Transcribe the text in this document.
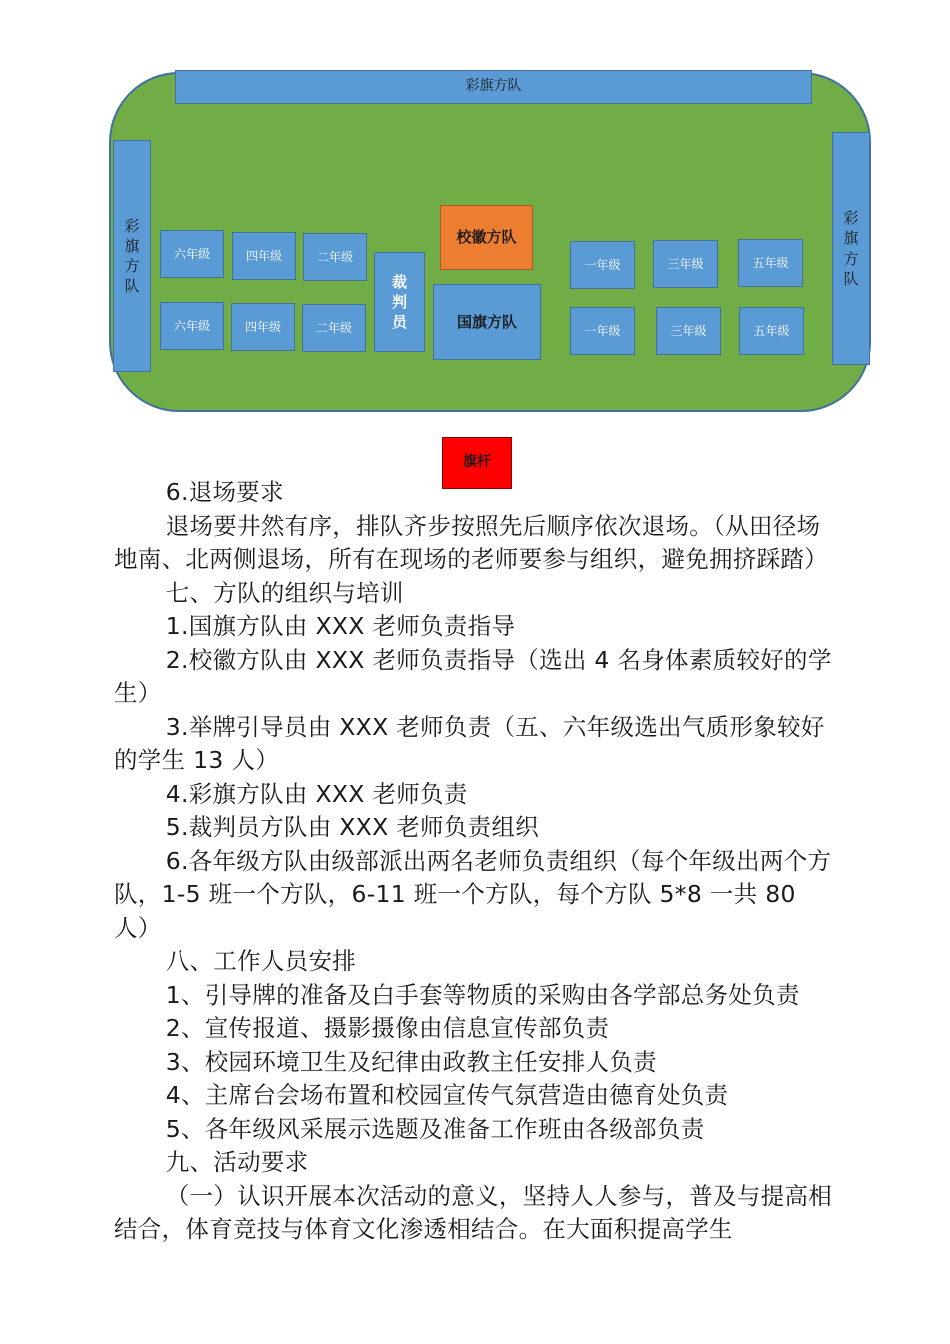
彩旗方队
彩旗方队
彩旗方队
六年级	四年级	二年级
六年级	四年级	二年级
裁判员
校徽方队
国旗方队
一年级	三年级	五年级
一年级	三年级	五年级
旗杆

6.退场要求

退场要井然有序，排队齐步按照先后顺序依次退场。（从田径场地南、北两侧退场，所有在现场的老师要参与组织，避免拥挤踩踏）

七、方队的组织与培训

1.国旗方队由 XXX 老师负责指导

2.校徽方队由 XXX 老师负责指导（选出 4 名身体素质较好的学生）

3.举牌引导员由 XXX 老师负责（五、六年级选出气质形象较好的学生 13 人）

4.彩旗方队由 XXX 老师负责

5.裁判员方队由 XXX 老师负责组织

6.各年级方队由级部派出两名老师负责组织（每个年级出两个方队，1-5 班一个方队，6-11 班一个方队，每个方队 5*8 一共 80 人）

八、工作人员安排

1、引导牌的准备及白手套等物质的采购由各学部总务处负责

2、宣传报道、摄影摄像由信息宣传部负责

3、校园环境卫生及纪律由政教主任安排人负责

4、主席台会场布置和校园宣传气氛营造由德育处负责

5、各年级风采展示选题及准备工作班由各级部负责

九、活动要求

（一）认识开展本次活动的意义，坚持人人参与，普及与提高相结合，体育竞技与体育文化渗透相结合。在大面积提高学生
